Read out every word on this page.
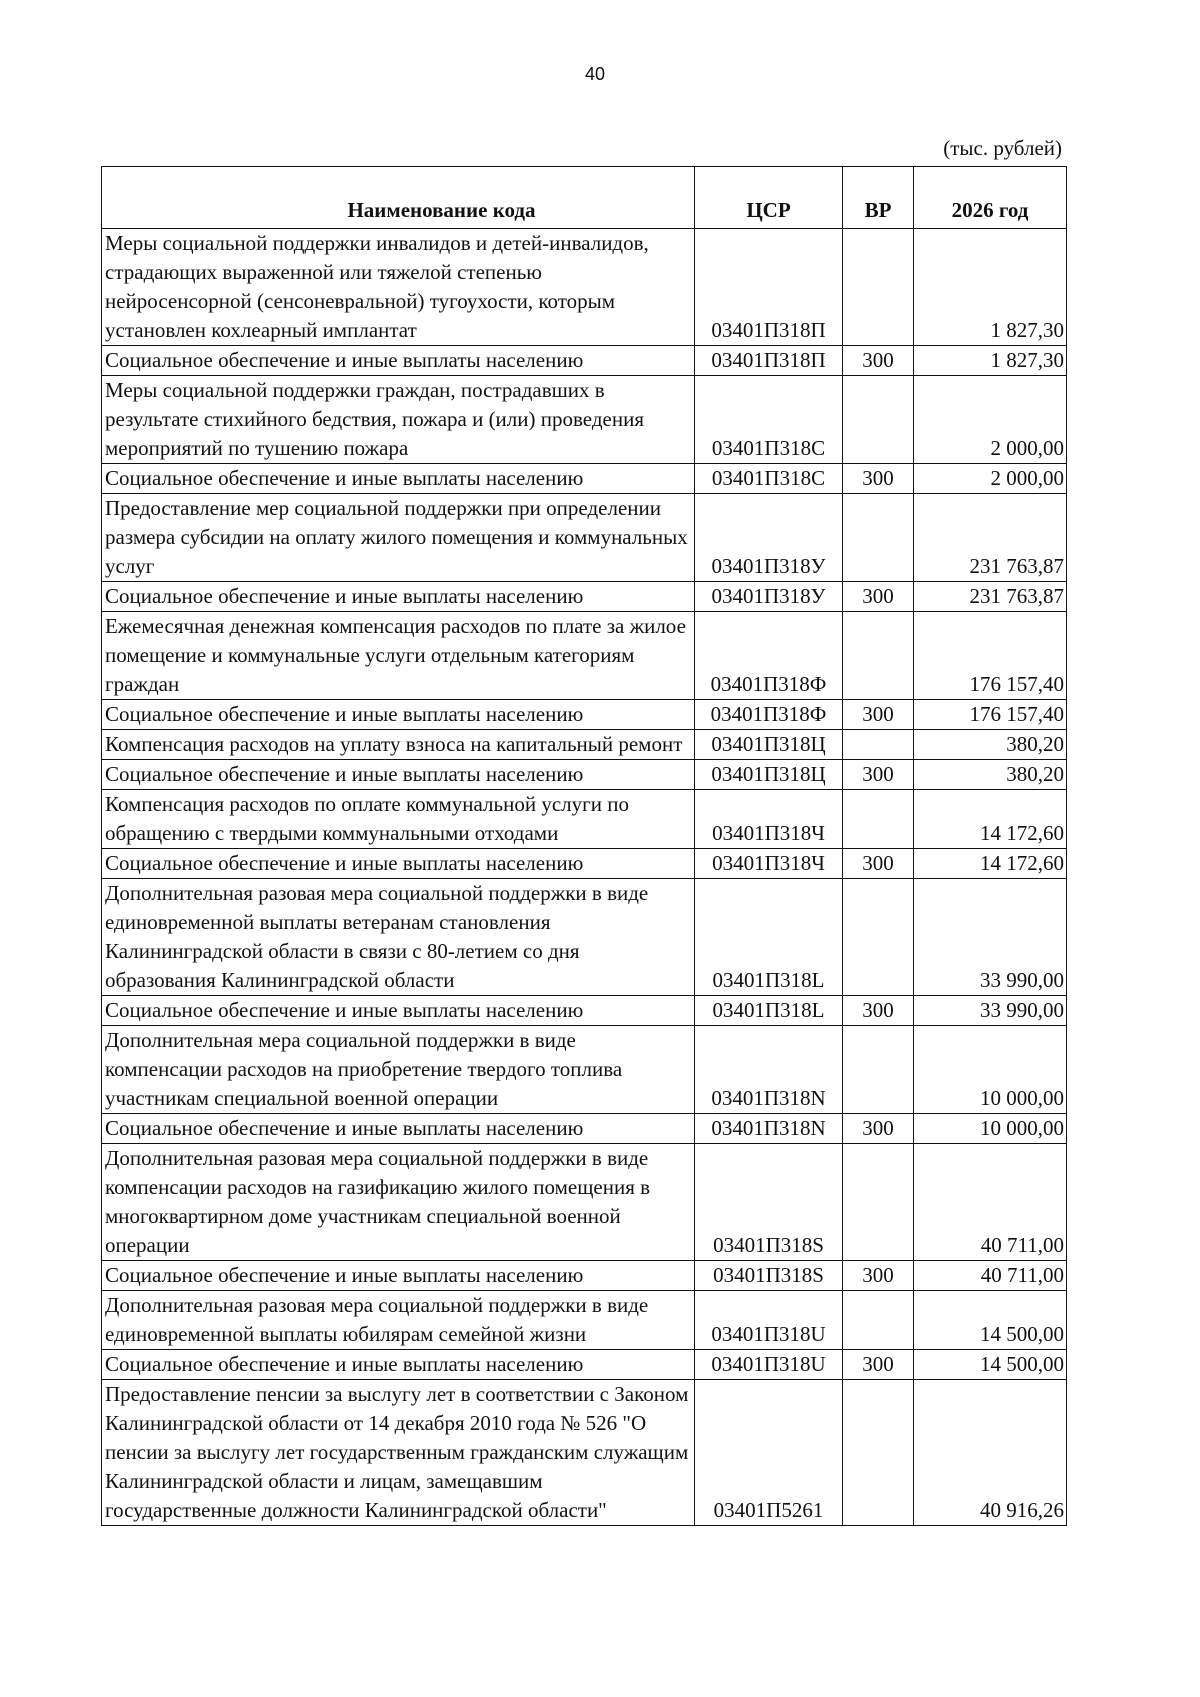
40
(тыс. рублей)
Наименование кода	ЦСР	ВР	2026 год
Меры социальной поддержки инвалидов и детей-инвалидов, страдающих выраженной или тяжелой степенью нейросенсорной (сенсоневральной) тугоухости, которым установлен кохлеарный имплантат	03401П318П		1 827,30
Социальное обеспечение и иные выплаты населению	03401П318П	300	1 827,30
Меры социальной поддержки граждан, пострадавших в результате стихийного бедствия, пожара и (или) проведения мероприятий по тушению пожара	03401П318С		2 000,00
Социальное обеспечение и иные выплаты населению	03401П318С	300	2 000,00
Предоставление мер социальной поддержки при определении размера субсидии на оплату жилого помещения и коммунальных услуг	03401П318У		231 763,87
Социальное обеспечение и иные выплаты населению	03401П318У	300	231 763,87
Ежемесячная денежная компенсация расходов по плате за жилое помещение и коммунальные услуги отдельным категориям граждан	03401П318Ф		176 157,40
Социальное обеспечение и иные выплаты населению	03401П318Ф	300	176 157,40
Компенсация расходов на уплату взноса на капитальный ремонт	03401П318Ц		380,20
Социальное обеспечение и иные выплаты населению	03401П318Ц	300	380,20
Компенсация расходов по оплате коммунальной услуги по обращению с твердыми коммунальными отходами	03401П318Ч		14 172,60
Социальное обеспечение и иные выплаты населению	03401П318Ч	300	14 172,60
Дополнительная разовая мера социальной поддержки в виде единовременной выплаты ветеранам становления Калининградской области в связи с 80-летием со дня образования Калининградской области	03401П318L		33 990,00
Социальное обеспечение и иные выплаты населению	03401П318L	300	33 990,00
Дополнительная мера социальной поддержки в виде компенсации расходов на приобретение твердого топлива участникам специальной военной операции	03401П318N		10 000,00
Социальное обеспечение и иные выплаты населению	03401П318N	300	10 000,00
Дополнительная разовая мера социальной поддержки в виде компенсации расходов на газификацию жилого помещения в многоквартирном доме участникам специальной военной операции	03401П318S		40 711,00
Социальное обеспечение и иные выплаты населению	03401П318S	300	40 711,00
Дополнительная разовая мера социальной поддержки в виде единовременной выплаты юбилярам семейной жизни	03401П318U		14 500,00
Социальное обеспечение и иные выплаты населению	03401П318U	300	14 500,00
Предоставление пенсии за выслугу лет в соответствии с Законом Калининградской области от 14 декабря 2010 года № 526 "О пенсии за выслугу лет государственным гражданским служащим Калининградской области и лицам, замещавшим государственные должности Калининградской области"	03401П5261		40 916,26
